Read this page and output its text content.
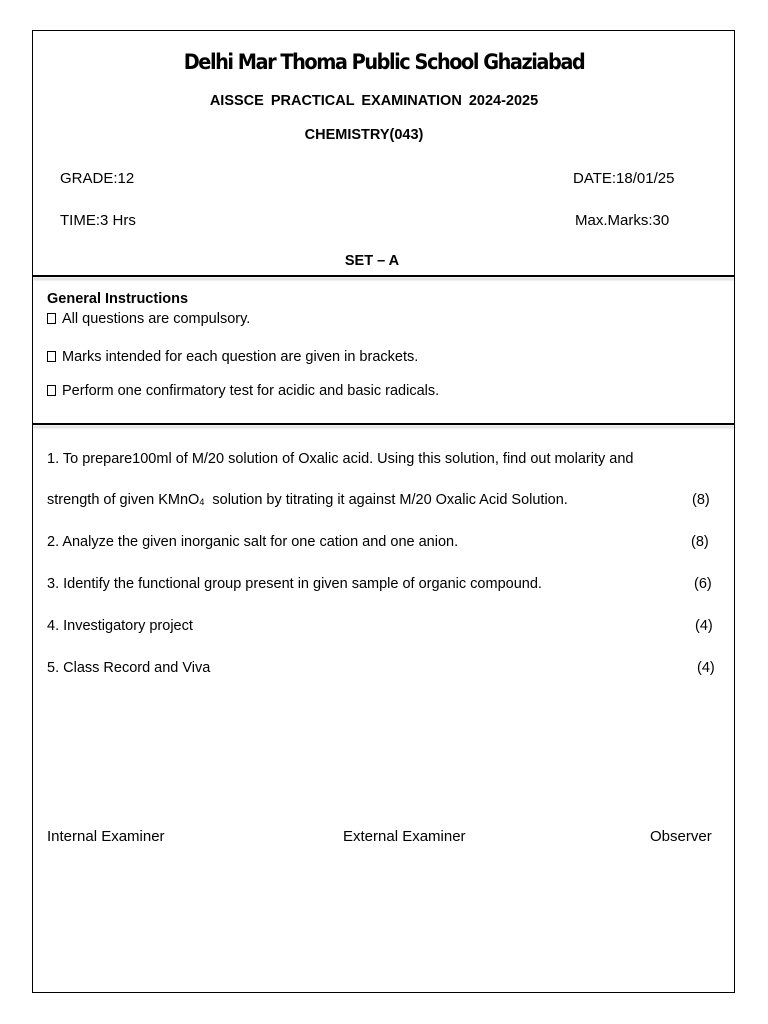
Delhi Mar Thoma Public School Ghaziabad
AISSCE PRACTICAL EXAMINATION 2024-2025
CHEMISTRY(043)
GRADE:12	DATE:18/01/25
TIME:3 Hrs	Max.Marks:30
SET – A
General Instructions
All questions are compulsory.
Marks intended for each question are given in brackets.
Perform one confirmatory test for acidic and basic radicals.
1. To prepare100ml of M/20 solution of Oxalic acid. Using this solution, find out molarity and
strength of given KMnO$_4$  solution by titrating it against M/20 Oxalic Acid Solution.	(8)
2. Analyze the given inorganic salt for one cation and one anion.	(8)
3. Identify the functional group present in given sample of organic compound.	(6)
4. Investigatory project	(4)
5. Class Record and Viva	(4)
Internal Examiner	External Examiner	Observer
